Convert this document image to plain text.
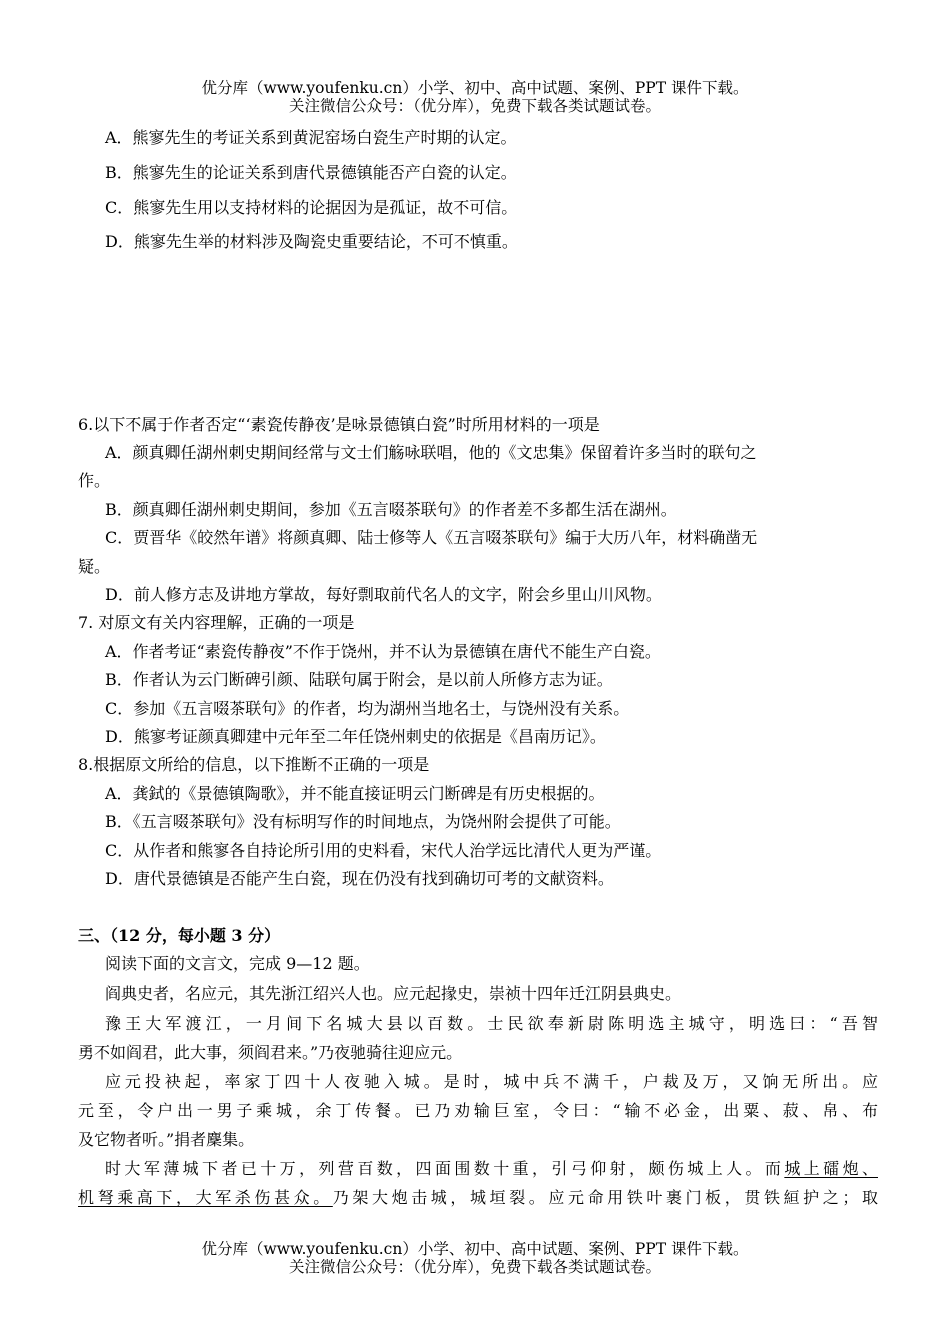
优分库（www.youfenku.cn）小学、初中、高中试题、案例、PPT 课件下载。
关注微信公众号：（优分库），免费下载各类试题试卷。
A．熊寥先生的考证关系到黄泥窑场白瓷生产时期的认定。
B．熊寥先生的论证关系到唐代景德镇能否产白瓷的认定。
C．熊寥先生用以支持材料的论据因为是孤证，故不可信。
D．熊寥先生举的材料涉及陶瓷史重要结论，不可不慎重。
6.以下不属于作者否定“‘素瓷传静夜’是咏景德镇白瓷”时所用材料的一项是
A．颜真卿任湖州刺史期间经常与文士们觞咏联唱，他的《文忠集》保留着许多当时的联句之
作。
B．颜真卿任湖州刺史期间，参加《五言啜茶联句》的作者差不多都生活在湖州。
C．贾晋华《皎然年谱》将颜真卿、陆士修等人《五言啜茶联句》编于大历八年，材料确凿无
疑。
D．前人修方志及讲地方掌故，每好剽取前代名人的文字，附会乡里山川风物。
7. 对原文有关内容理解，正确的一项是
A．作者考证“素瓷传静夜”不作于饶州，并不认为景德镇在唐代不能生产白瓷。
B．作者认为云门断碑引颜、陆联句属于附会，是以前人所修方志为证。
C．参加《五言啜茶联句》的作者，均为湖州当地名士，与饶州没有关系。
D．熊寥考证颜真卿建中元年至二年任饶州刺史的依据是《昌南历记》。
8.根据原文所给的信息，以下推断不正确的一项是
A．龚鉽的《景德镇陶歌》，并不能直接证明云门断碑是有历史根据的。
B．《五言啜茶联句》没有标明写作的时间地点，为饶州附会提供了可能。
C．从作者和熊寥各自持论所引用的史料看，宋代人治学远比清代人更为严谨。
D．唐代景德镇是否能产生白瓷，现在仍没有找到确切可考的文献资料。
三、（12 分，每小题 3 分）
阅读下面的文言文，完成 9—12 题。
阎典史者，名应元，其先浙江绍兴人也。应元起掾史，崇祯十四年迁江阴县典史。
豫王大军渡江，一月间下名城大县以百数。士民欲奉新尉陈明选主城守，明选曰：“吾智
勇不如阎君，此大事，须阎君来。”乃夜驰骑往迎应元。
应元投袂起，率家丁四十人夜驰入城。是时，城中兵不满千，户裁及万，又饷无所出。应
元至，令户出一男子乘城，余丁传餐。已乃劝输巨室，令曰：“输不必金，出粟、菽、帛、布
及它物者听。”捐者麇集。
时大军薄城下者已十万，列营百数，四面围数十重，引弓仰射，颇伤城上人。而城上礌炮、
机弩乘高下，大军杀伤甚众。乃架大炮击城，城垣裂。应元命用铁叶裹门板，贯铁絙护之；取
优分库（www.youfenku.cn）小学、初中、高中试题、案例、PPT 课件下载。
关注微信公众号：（优分库），免费下载各类试题试卷。
